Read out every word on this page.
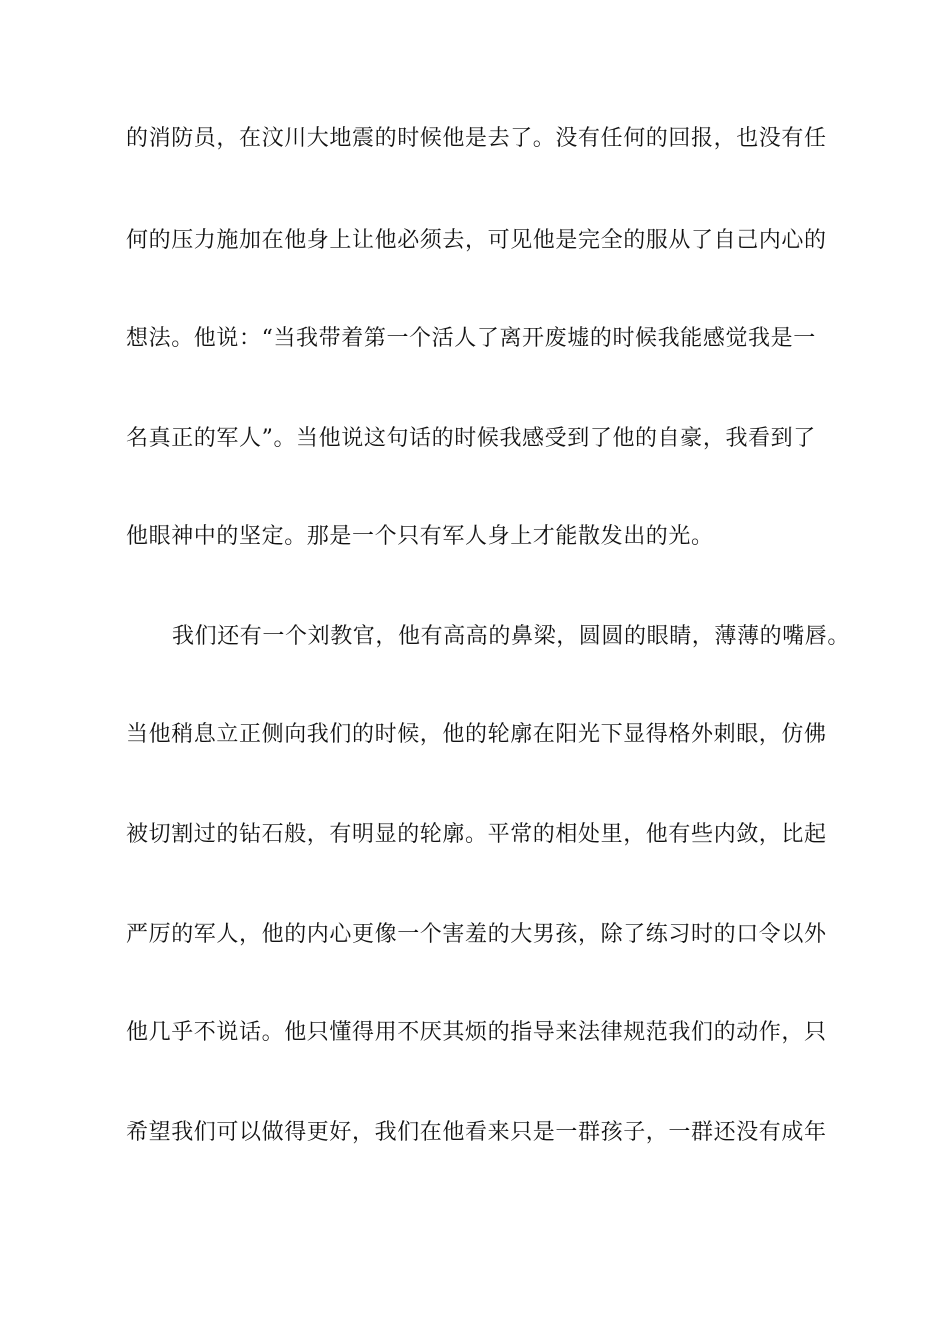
的消防员，在汶川大地震的时候他是去了。没有任何的回报，也没有任
何的压力施加在他身上让他必须去，可见他是完全的服从了自己内心的
想法。他说：“当我带着第一个活人了离开废墟的时候我能感觉我是一
名真正的军人”。当他说这句话的时候我感受到了他的自豪，我看到了
他眼神中的坚定。那是一个只有军人身上才能散发出的光。
我们还有一个刘教官，他有高高的鼻梁，圆圆的眼睛，薄薄的嘴唇。
当他稍息立正侧向我们的时候，他的轮廓在阳光下显得格外刺眼，仿佛
被切割过的钻石般，有明显的轮廓。平常的相处里，他有些内敛，比起
严厉的军人，他的内心更像一个害羞的大男孩，除了练习时的口令以外
他几乎不说话。他只懂得用不厌其烦的指导来法律规范我们的动作，只
希望我们可以做得更好，我们在他看来只是一群孩子，一群还没有成年
